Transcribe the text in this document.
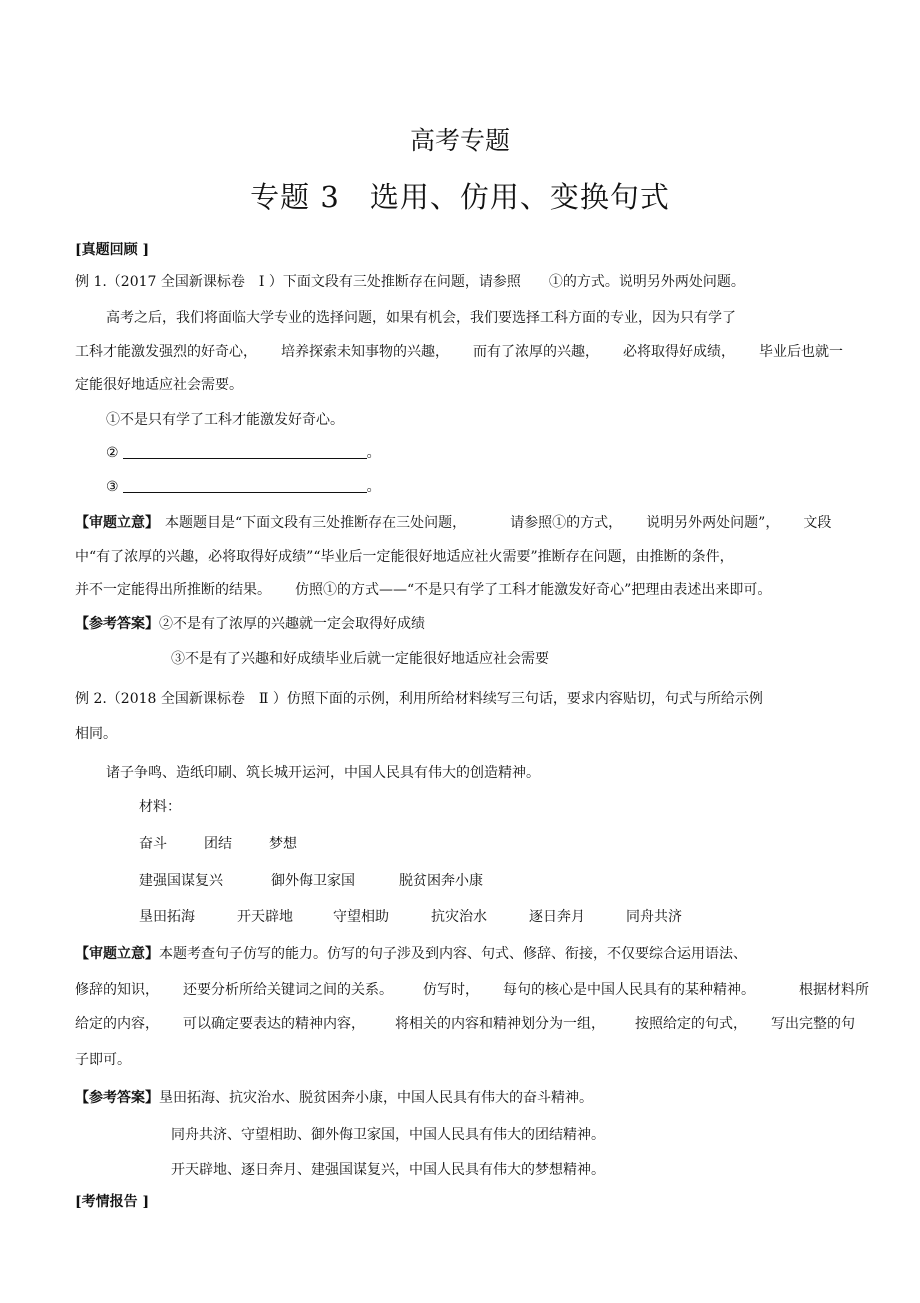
高考专题
专题 3　选用、仿用、变换句式
[真题回顾 ]
例 1.（2017 全国新课标卷 Ⅰ ）下面文段有三处推断存在问题，请参照 ①的方式。说明另外两处问题。
高考之后，我们将面临大学专业的选择问题，如果有机会，我们要选择工科方面的专业，因为只有学了
工科才能激发强烈的好奇心， 培养探索未知事物的兴趣， 而有了浓厚的兴趣， 必将取得好成绩， 毕业后也就一
定能很好地适应社会需要。
①不是只有学了工科才能激发好奇心。
②	。
③	。
【审题立意】 本题题目是“下面文段有三处推断存在三处问题，	请参照①的方式， 说明另外两处问题”， 文段
中“有了浓厚的兴趣，必将取得好成绩”“毕业后一定能很好地适应社火需要”推断存在问题，由推断的条件，
并不一定能得出所推断的结果。 仿照①的方式——“不是只有学了工科才能激发好奇心”把理由表述出来即可。
【参考答案】②不是有了浓厚的兴趣就一定会取得好成绩
③不是有了兴趣和好成绩毕业后就一定能很好地适应社会需要
例 2.（2018 全国新课标卷 Ⅱ ）仿照下面的示例，利用所给材料续写三句话，要求内容贴切，句式与所给示例
相同。
诸子争鸣、造纸印刷、筑长城开运河，中国人民具有伟大的创造精神。
材料：
奋斗	团结	梦想
建强国谋复兴	御外侮卫家国	脱贫困奔小康
垦田拓海	开天辟地	守望相助	抗灾治水	逐日奔月	同舟共济
【审题立意】本题考查句子仿写的能力。仿写的句子涉及到内容、句式、修辞、衔接，不仅要综合运用语法、
修辞的知识， 还要分析所给关键词之间的关系。 仿写时， 每句的核心是中国人民具有的某种精神。	根据材料所
给定的内容， 可以确定要表达的精神内容， 将相关的内容和精神划分为一组， 按照给定的句式， 写出完整的句
子即可。
【参考答案】垦田拓海、抗灾治水、脱贫困奔小康，中国人民具有伟大的奋斗精神。
同舟共济、守望相助、御外侮卫家国，中国人民具有伟大的团结精神。
开天辟地、逐日奔月、建强国谋复兴，中国人民具有伟大的梦想精神。
[考情报告 ]
